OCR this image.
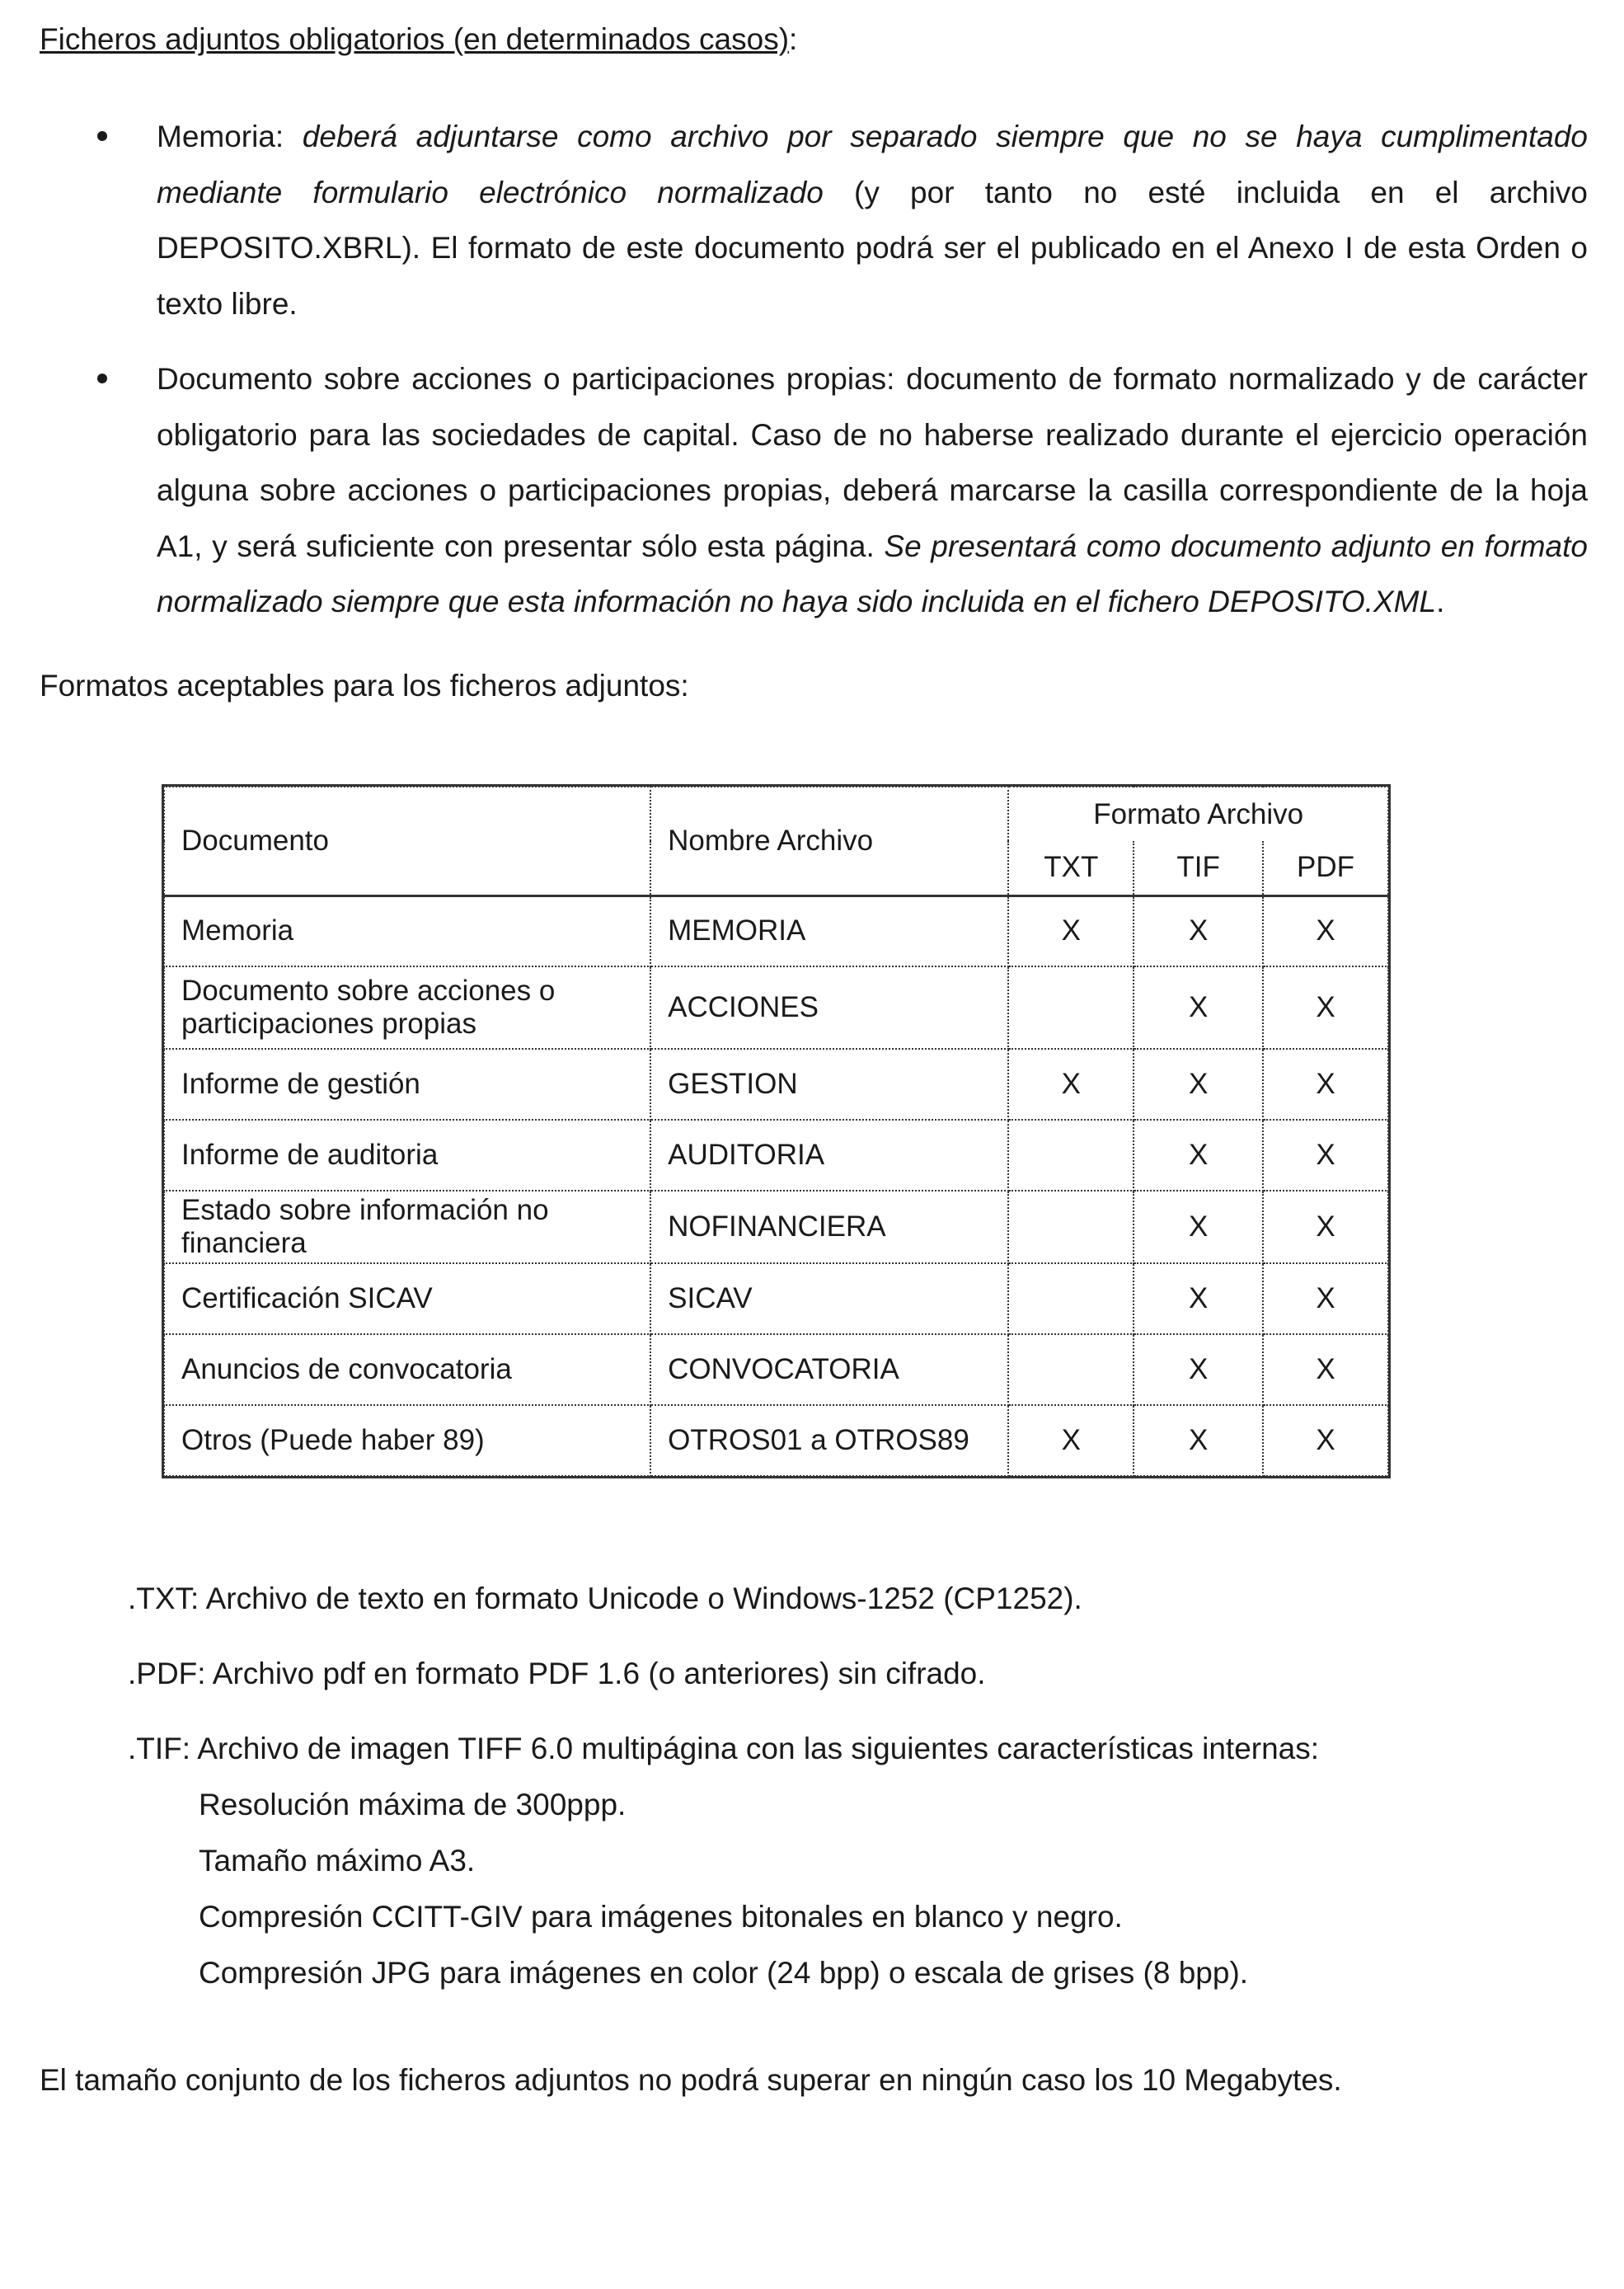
Ficheros adjuntos obligatorios (en determinados casos):
Memoria: deberá adjuntarse como archivo por separado siempre que no se haya cumplimentado mediante formulario electrónico normalizado (y por tanto no esté incluida en el archivo DEPOSITO.XBRL). El formato de este documento podrá ser el publicado en el Anexo I de esta Orden o texto libre.
Documento sobre acciones o participaciones propias: documento de formato normalizado y de carácter obligatorio para las sociedades de capital. Caso de no haberse realizado durante el ejercicio operación alguna sobre acciones o participaciones propias, deberá marcarse la casilla correspondiente de la hoja A1, y será suficiente con presentar sólo esta página. Se presentará como documento adjunto en formato normalizado siempre que esta información no haya sido incluida en el fichero DEPOSITO.XML.
Formatos aceptables para los ficheros adjuntos:
Documento	Nombre Archivo	Formato Archivo		
		TXT	TIF	PDF
Memoria	MEMORIA	X	X	X
Documento sobre acciones o participaciones propias	ACCIONES		X	X
Informe de gestión	GESTION	X	X	X
Informe de auditoria	AUDITORIA		X	X
Estado sobre información no financiera	NOFINANCIERA		X	X
Certificación SICAV	SICAV		X	X
Anuncios de convocatoria	CONVOCATORIA		X	X
Otros (Puede haber 89)	OTROS01 a OTROS89	X	X	X
.TXT: Archivo de texto en formato Unicode o Windows-1252 (CP1252).
.PDF: Archivo pdf en formato PDF 1.6 (o anteriores) sin cifrado.
.TIF: Archivo de imagen TIFF 6.0 multipágina con las siguientes características internas:
Resolución máxima de 300ppp.
Tamaño máximo A3.
Compresión CCITT-GIV para imágenes bitonales en blanco y negro.
Compresión JPG para imágenes en color (24 bpp) o escala de grises (8 bpp).
El tamaño conjunto de los ficheros adjuntos no podrá superar en ningún caso los 10 Megabytes.
